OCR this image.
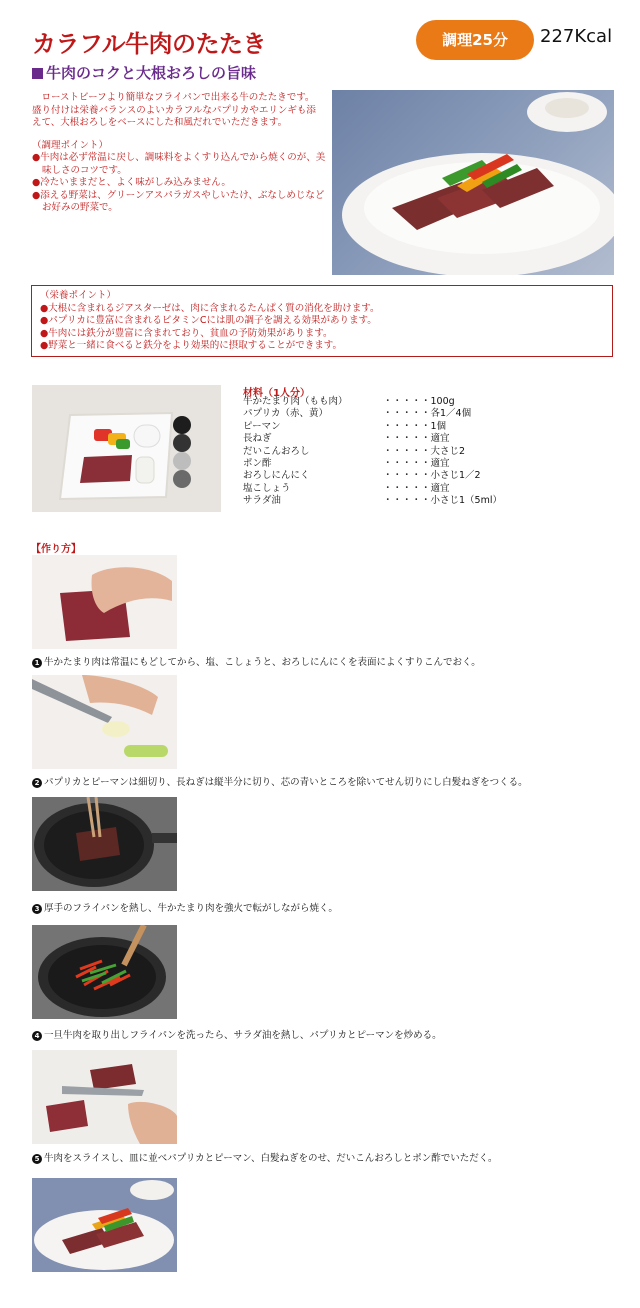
カラフル牛肉のたたき
牛肉のコクと大根おろしの旨味
調理25分	227Kcal
　ローストビーフより簡単なフライパンで出来る牛のたたきです。盛り付けは栄養バランスのよいカラフルなパプリカやエリンギも添えて、大根おろしをベースにした和風だれでいただきます。
（調理ポイント）
●牛肉は必ず常温に戻し、調味料をよくすり込んでから焼くのが、美味しさのコツです。
●冷たいままだと、よく味がしみ込みません。
●添える野菜は、グリーンアスパラガスやしいたけ、ぶなしめじなどお好みの野菜で。
（栄養ポイント）
●大根に含まれるジアスターゼは、肉に含まれるたんぱく質の消化を助けます。
●パプリカに豊富に含まれるビタミンCには肌の調子を調える効果があります。
●牛肉には鉄分が豊富に含まれており、貧血の予防効果があります。
●野菜と一緒に食べると鉄分をより効果的に摂取することができます。
材料（1人分）
牛かたまり肉（もも肉）	・・・・・100g
パプリカ（赤、黄）	・・・・・各1／4個
ピーマン	・・・・・1個
長ねぎ	・・・・・適宜
だいこんおろし	・・・・・大さじ2
ポン酢	・・・・・適宜
おろしにんにく	・・・・・小さじ1／2
塩こしょう	・・・・・適宜
サラダ油	・・・・・小さじ1（5ml）
【作り方】
1 牛かたまり肉は常温にもどしてから、塩、こしょうと、おろしにんにくを表面によくすりこんでおく。
2 パプリカとピーマンは細切り、長ねぎは縦半分に切り、芯の青いところを除いてせん切りにし白髪ねぎをつくる。
3 厚手のフライパンを熱し、牛かたまり肉を強火で転がしながら焼く。
4 一旦牛肉を取り出しフライパンを洗ったら、サラダ油を熱し、パプリカとピーマンを炒める。
5 牛肉をスライスし、皿に並べパプリカとピーマン、白髪ねぎをのせ、だいこんおろしとポン酢でいただく。
